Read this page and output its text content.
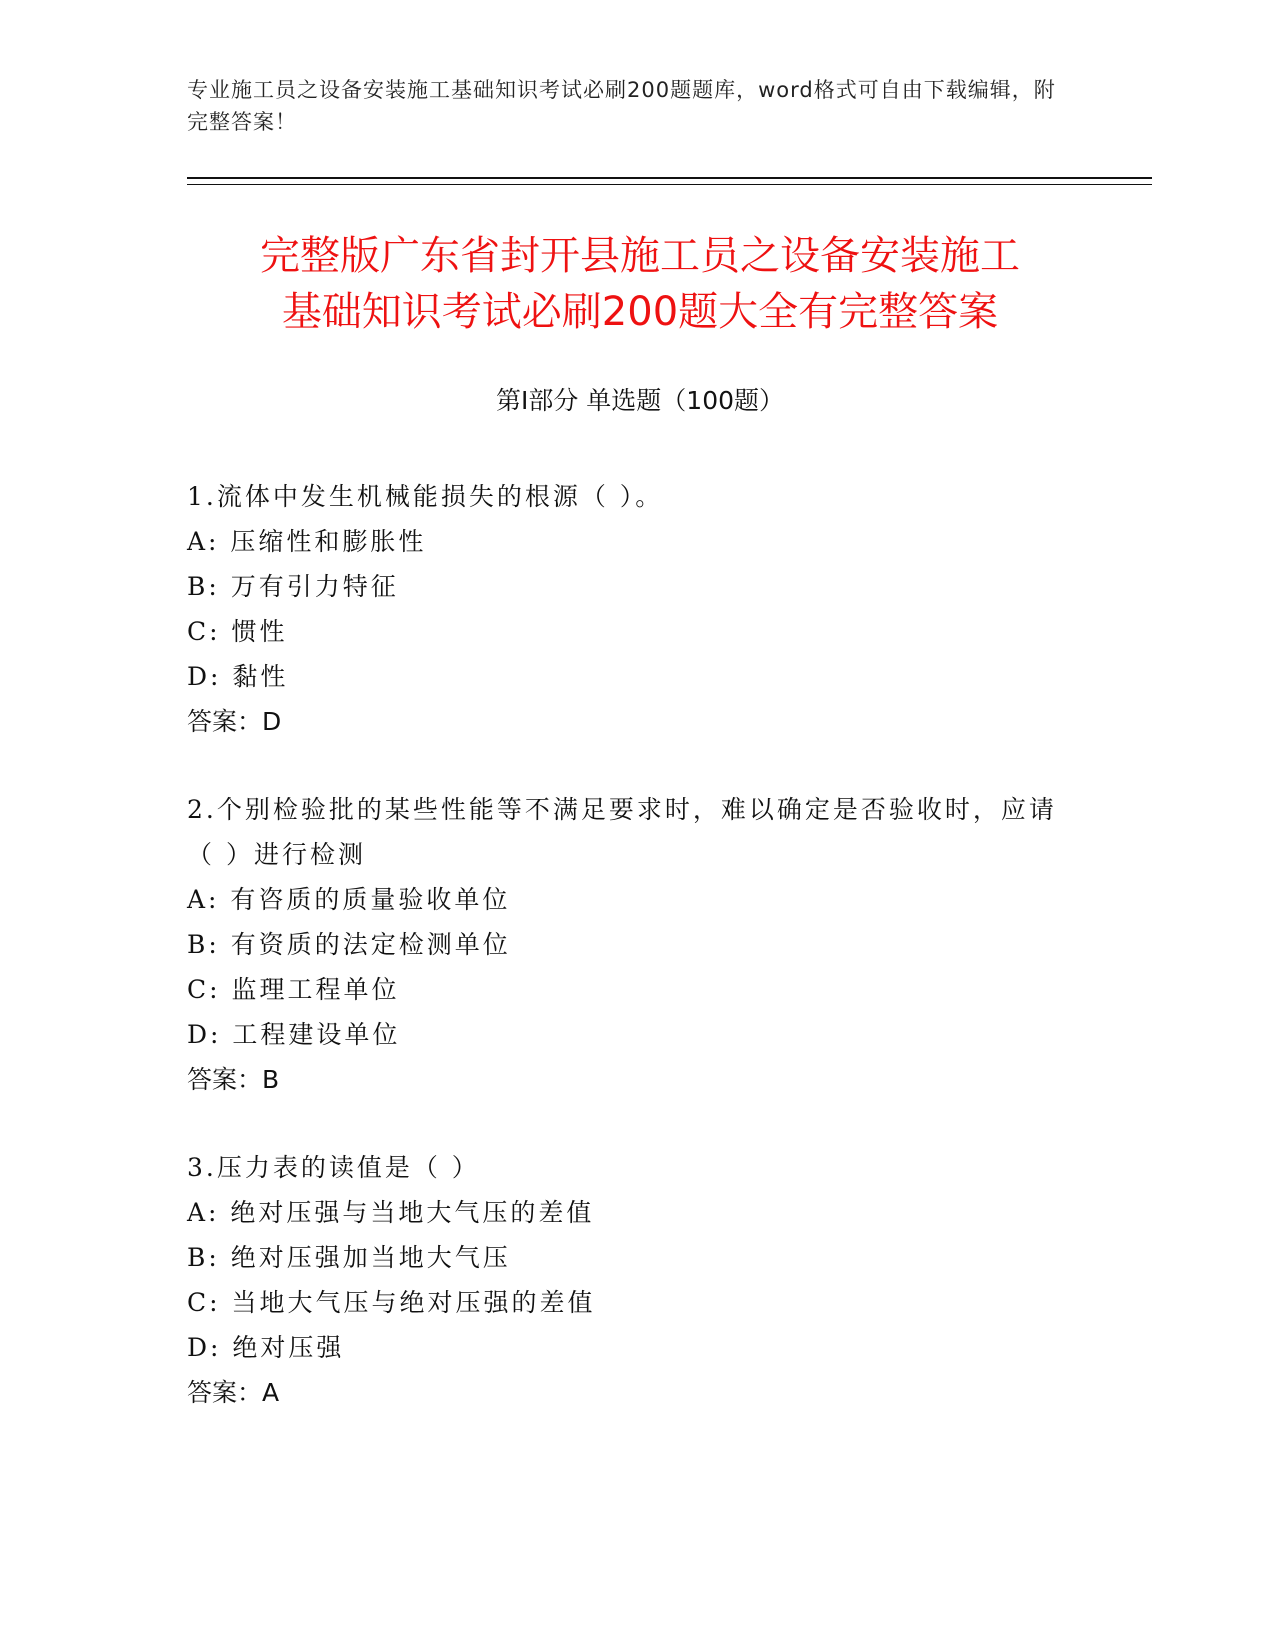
专业施工员之设备安装施工基础知识考试必刷200题题库，word格式可自由下载编辑，附完整答案！
完整版广东省封开县施工员之设备安装施工
基础知识考试必刷200题大全有完整答案
第Ⅰ部分 单选题（100题）
1.流体中发生机械能损失的根源（ ）。
A: 压缩性和膨胀性
B: 万有引力特征
C: 惯性
D: 黏性
答案：D
2.个别检验批的某些性能等不满足要求时，难以确定是否验收时，应请（ ）进行检测
A: 有咨质的质量验收单位
B: 有资质的法定检测单位
C: 监理工程单位
D: 工程建设单位
答案：B
3.压力表的读值是（ ）
A: 绝对压强与当地大气压的差值
B: 绝对压强加当地大气压
C: 当地大气压与绝对压强的差值
D: 绝对压强
答案：A
